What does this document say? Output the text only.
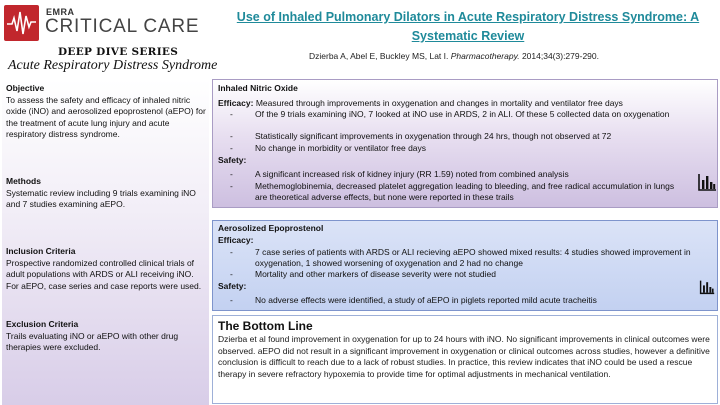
EMRA
CRITICAL CARE
DEEP DIVE SERIES
Acute Respiratory Distress Syndrome
Use of Inhaled Pulmonary Dilators in Acute Respiratory Distress Syndrome: A
Systematic Review
Dzierba A, Abel E, Buckley MS, Lat I. Pharmacotherapy. 2014;34(3):279-290.
Objective
To assess the safety and efficacy of inhaled nitric oxide (iNO) and aerosolized epoprostenol (aEPO) for the treatment of acute lung injury and acute respiratory distress syndrome.
Methods
Systematic review including 9 trials examining iNO and 7 studies examining aEPO.
Inclusion Criteria
Prospective randomized controlled clinical trials of adult populations with ARDS or ALI receiving iNO. For aEPO, case series and case reports were used.
Exclusion Criteria
Trails evaluating iNO or aEPO with other drug therapies were excluded.
Inhaled Nitric Oxide
Efficacy: Measured through improvements in oxygenation and changes in mortality and ventilator free days
-	Of the 9 trials examining iNO, 7 looked at iNO use in ARDS, 2 in ALI. Of these 5 collected data on oxygenation
-	Statistically significant improvements in oxygenation through 24 hrs, though not observed at 72
-	No change in morbidity or ventilator free days
Safety:
-	A significant increased risk of kidney injury (RR 1.59) noted from combined analysis
-	Methemoglobinemia, decreased platelet aggregation leading to bleeding, and free radical accumulation in lungs are theoretical adverse effects, but none were reported in these trails
Aerosolized Epoprostenol
Efficacy:
-	7 case series of patients with ARDS or ALI recieving aEPO showed mixed results: 4 studies showed improvement in oxygenation, 1 showed worsening of oxygenation and 2 had no change
-	Mortality and other markers of disease severity were not studied
Safety:
-	No adverse effects were identified, a study of aEPO in piglets reported mild acute tracheitis
The Bottom Line
Dzierba et al found improvement in oxygenation for up to 24 hours with iNO. No significant improvements in clinical outcomes were observed. aEPO did not result in a significant improvement in oxygenation or clinical outcomes across studies, however a definitive conclusion is difficult to reach due to a lack of robust studies. In practice, this review indicates that iNO could be used a rescue therapy in severe refractory hypoxemia to provide time for optimal adjustments in mechanical ventilation.
